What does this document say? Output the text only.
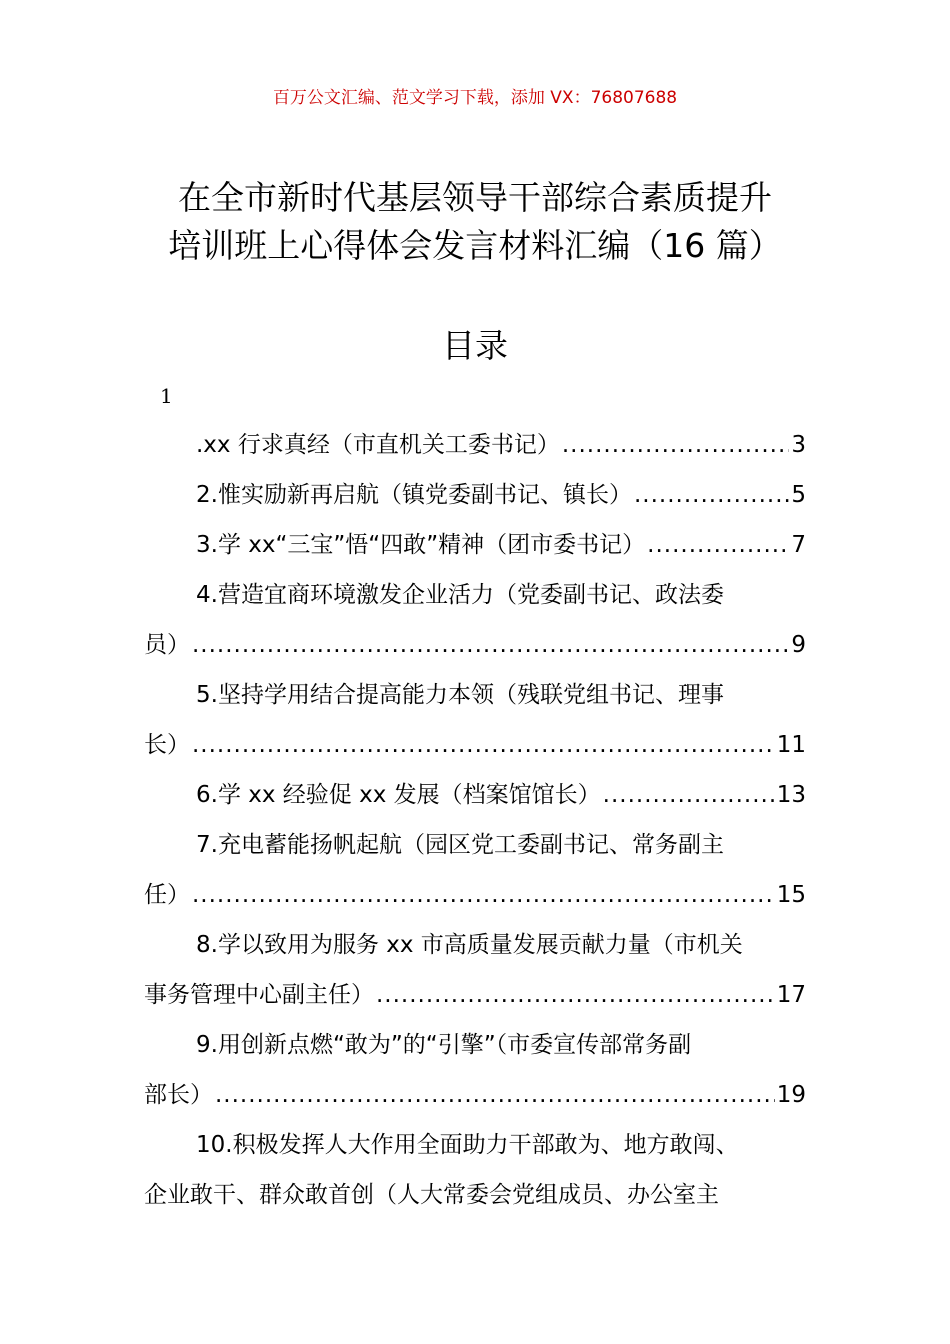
百万公文汇编、范文学习下载，添加 VX：76807688
在全市新时代基层领导干部综合素质提升
培训班上心得体会发言材料汇编（16 篇）
目录
1
.xx 行求真经（市直机关工委书记） .....	3
2.惟实励新再启航（镇党委副书记、镇长） .....	5
3.学 xx“三宝”悟“四敢”精神（团市委书记） .....	7
4.营造宜商环境激发企业活力（党委副书记、政法委
员） .....	9
5.坚持学用结合提高能力本领（残联党组书记、理事
长） .....	11
6.学 xx 经验促 xx 发展（档案馆馆长） .....	13
7.充电蓄能扬帆起航（园区党工委副书记、常务副主
任） .....	15
8.学以致用为服务 xx 市高质量发展贡献力量（市机关
事务管理中心副主任） .....	17
9.用创新点燃“敢为”的“引擎”（市委宣传部常务副
部长） .....	19
10.积极发挥人大作用全面助力干部敢为、地方敢闯、
企业敢干、群众敢首创（人大常委会党组成员、办公室主
